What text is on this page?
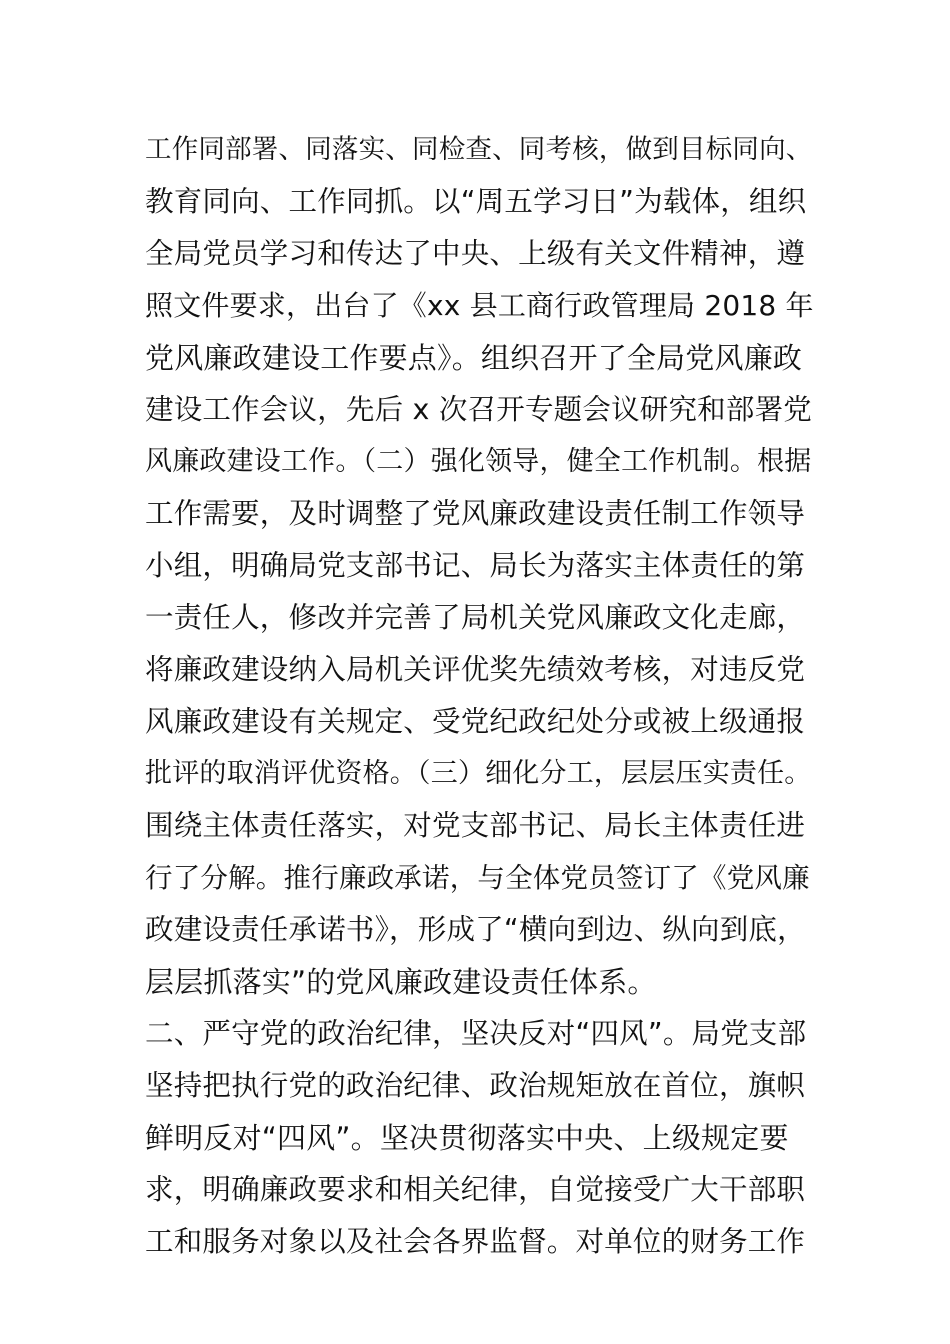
工作同部署、同落实、同检查、同考核，做到目标同向、
教育同向、工作同抓。以“周五学习日”为载体，组织
全局党员学习和传达了中央、上级有关文件精神，遵
照文件要求，出台了《xx 县工商行政管理局 2018 年
党风廉政建设工作要点》。组织召开了全局党风廉政
建设工作会议，先后 x 次召开专题会议研究和部署党
风廉政建设工作。（二）强化领导，健全工作机制。根据
工作需要，及时调整了党风廉政建设责任制工作领导
小组，明确局党支部书记、局长为落实主体责任的第
一责任人，修改并完善了局机关党风廉政文化走廊，
将廉政建设纳入局机关评优奖先绩效考核，对违反党
风廉政建设有关规定、受党纪政纪处分或被上级通报
批评的取消评优资格。（三）细化分工，层层压实责任。
围绕主体责任落实，对党支部书记、局长主体责任进
行了分解。推行廉政承诺，与全体党员签订了《党风廉
政建设责任承诺书》，形成了“横向到边、纵向到底，
层层抓落实”的党风廉政建设责任体系。
二、严守党的政治纪律，坚决反对“四风”。局党支部
坚持把执行党的政治纪律、政治规矩放在首位，旗帜
鲜明反对“四风”。坚决贯彻落实中央、上级规定要
求，明确廉政要求和相关纪律，自觉接受广大干部职
工和服务对象以及社会各界监督。对单位的财务工作
